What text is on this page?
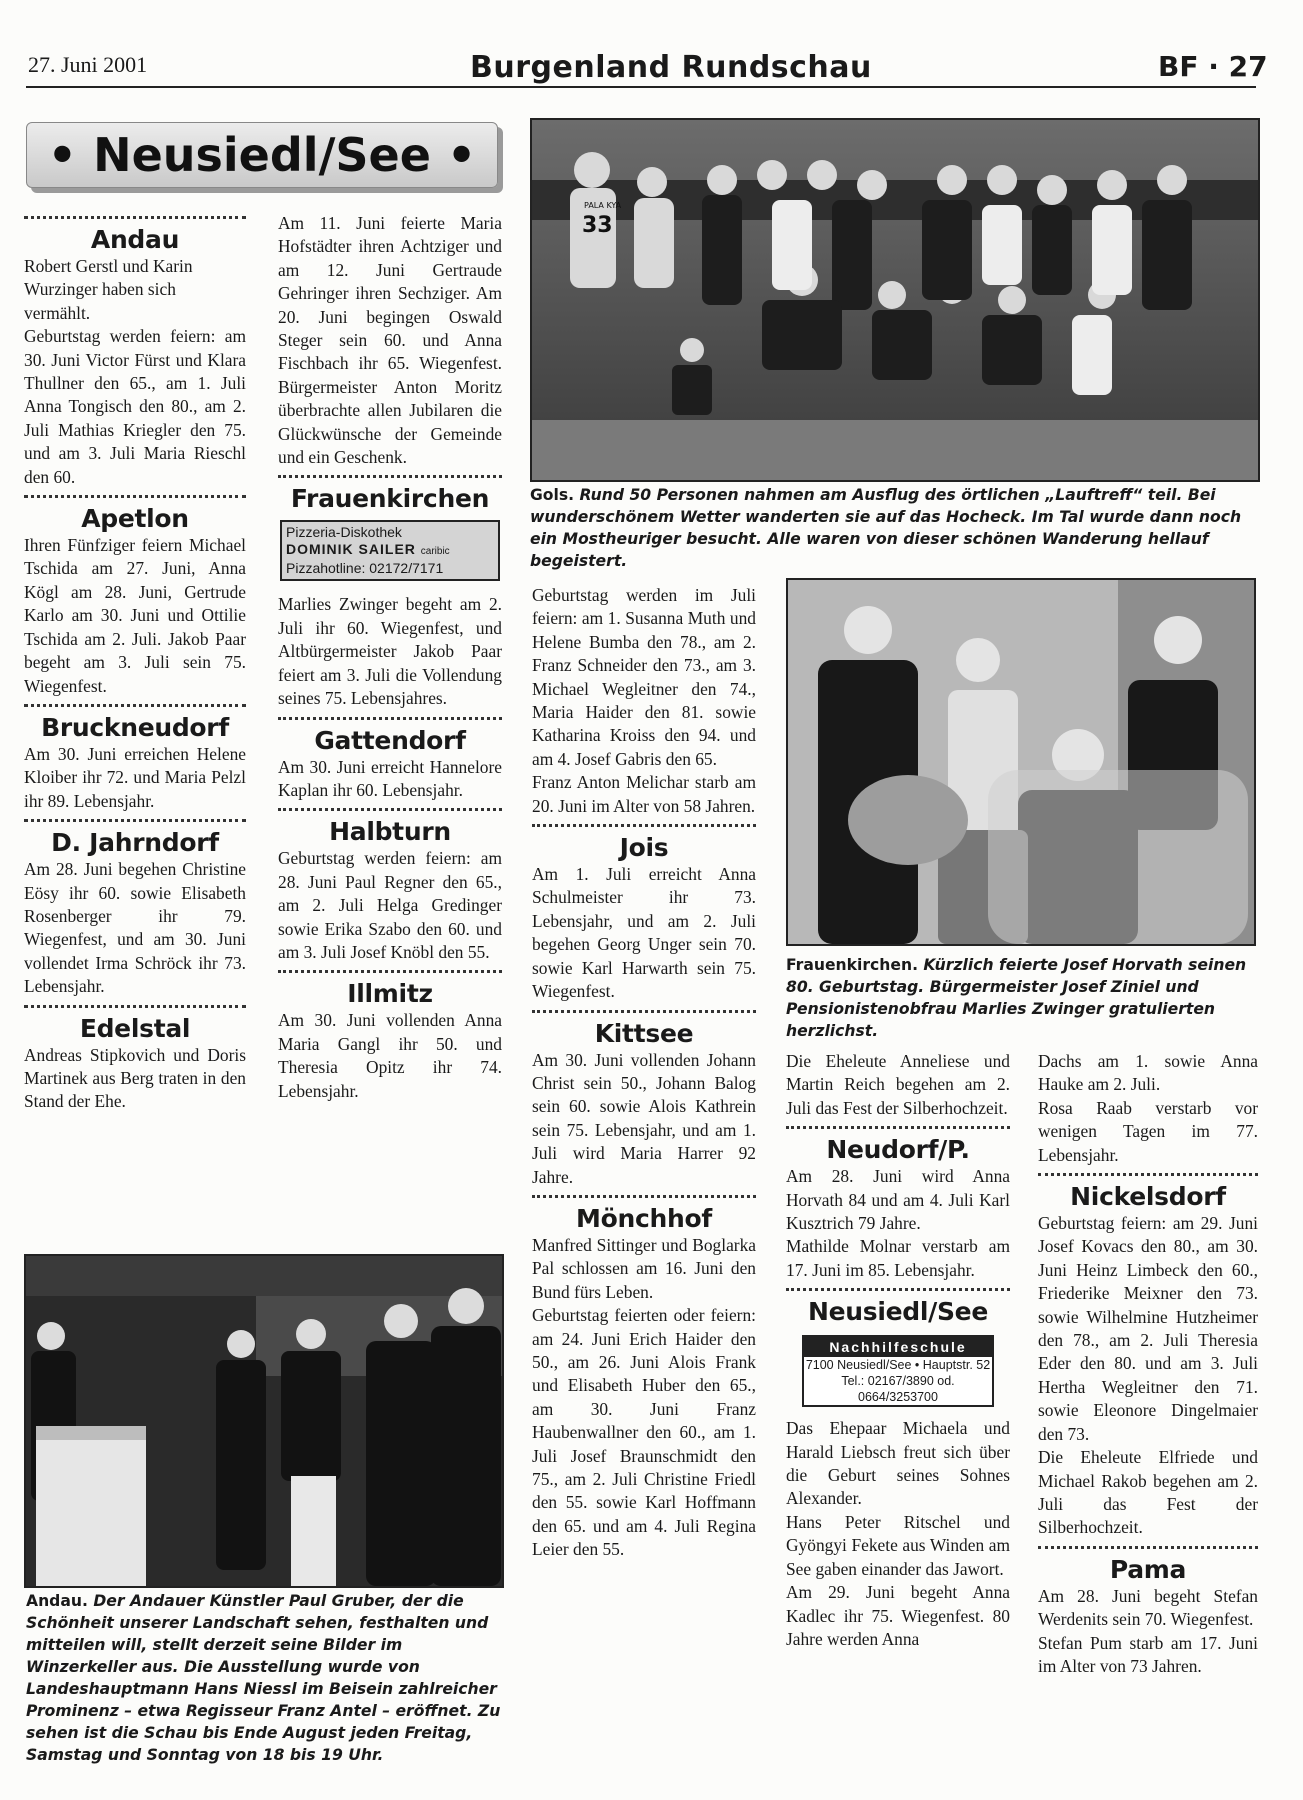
27. Juni 2001	Burgenland Rundschau	BF · 27
• Neusiedl/See •
Andau

Robert Gerstl und Karin Wurzinger haben sich vermählt.

Geburtstag werden feiern: am 30. Juni Victor Fürst und Klara Thullner den 65., am 1. Juli Anna Tongisch den 80., am 2. Juli Mathias Kriegler den 75. und am 3. Juli Maria Rieschl den 60.

Apetlon

Ihren Fünfziger feiern Michael Tschida am 27. Juni, Anna Kögl am 28. Juni, Gertrude Karlo am 30. Juni und Ottilie Tschida am 2. Juli. Jakob Paar begeht am 3. Juli sein 75. Wiegenfest.

Bruckneudorf

Am 30. Juni erreichen Helene Kloiber ihr 72. und Maria Pelzl ihr 89. Lebensjahr.

D. Jahrndorf

Am 28. Juni begehen Christine Eösy ihr 60. sowie Elisabeth Rosenberger ihr 79. Wiegenfest, und am 30. Juni vollendet Irma Schröck ihr 73. Lebensjahr.

Edelstal

Andreas Stipkovich und Doris Martinek aus Berg traten in den Stand der Ehe.

Am 11. Juni feierte Maria Hofstädter ihren Achtziger und am 12. Juni Gertraude Gehringer ihren Sechziger. Am 20. Juni begingen Oswald Steger sein 60. und Anna Fischbach ihr 65. Wiegenfest. Bürgermeister Anton Moritz überbrachte allen Jubilaren die Glückwünsche der Gemeinde und ein Geschenk.

Frauenkirchen
Pizzeria-Diskothek
DOMINIK SAILER caribic
Pizzahotline: 02172/7171

Marlies Zwinger begeht am 2. Juli ihr 60. Wiegenfest, und Altbürgermeister Jakob Paar feiert am 3. Juli die Vollendung seines 75. Lebensjahres.

Gattendorf

Am 30. Juni erreicht Hannelore Kaplan ihr 60. Lebensjahr.

Halbturn

Geburtstag werden feiern: am 28. Juni Paul Regner den 65., am 2. Juli Helga Gredinger sowie Erika Szabo den 60. und am 3. Juli Josef Knöbl den 55.

Illmitz

Am 30. Juni vollenden Anna Maria Gangl ihr 50. und Theresia Opitz ihr 74. Lebensjahr.

33
PALA KYA
Gols. Rund 50 Personen nahmen am Ausflug des örtlichen „Lauftreff“ teil. Bei wunderschönem Wetter wanderten sie auf das Hocheck. Im Tal wurde dann noch ein Mostheuriger besucht. Alle waren von dieser schönen Wanderung hellauf begeistert.

Geburtstag werden im Juli feiern: am 1. Susanna Muth und Helene Bumba den 78., am 2. Franz Schneider den 73., am 3. Michael Wegleitner den 74., Maria Haider den 81. sowie Katharina Kroiss den 94. und am 4. Josef Gabris den 65.

Franz Anton Melichar starb am 20. Juni im Alter von 58 Jahren.

Jois

Am 1. Juli erreicht Anna Schulmeister ihr 73. Lebensjahr, und am 2. Juli begehen Georg Unger sein 70. sowie Karl Harwarth sein 75. Wiegenfest.

Kittsee

Am 30. Juni vollenden Johann Christ sein 50., Johann Balog sein 60. sowie Alois Kathrein sein 75. Lebensjahr, und am 1. Juli wird Maria Harrer 92 Jahre.

Mönchhof

Manfred Sittinger und Boglarka Pal schlossen am 16. Juni den Bund fürs Leben.

Geburtstag feierten oder feiern: am 24. Juni Erich Haider den 50., am 26. Juni Alois Frank und Elisabeth Huber den 65., am 30. Juni Franz Haubenwallner den 60., am 1. Juli Josef Braunschmidt den 75., am 2. Juli Christine Friedl den 55. sowie Karl Hoffmann den 65. und am 4. Juli Regina Leier den 55.

Frauenkirchen. Kürzlich feierte Josef Horvath seinen 80. Geburtstag. Bürgermeister Josef Ziniel und Pensionistenobfrau Marlies Zwinger gratulierten herzlichst.

Die Eheleute Anneliese und Martin Reich begehen am 2. Juli das Fest der Silberhochzeit.

Neudorf/P.

Am 28. Juni wird Anna Horvath 84 und am 4. Juli Karl Kusztrich 79 Jahre.

Mathilde Molnar verstarb am 17. Juni im 85. Lebensjahr.

Neusiedl/See
Nachhilfeschule
7100 Neusiedl/See • Hauptstr. 52
Tel.: 02167/3890 od. 0664/3253700

Das Ehepaar Michaela und Harald Liebsch freut sich über die Geburt seines Sohnes Alexander.

Hans Peter Ritschel und Gyöngyi Fekete aus Winden am See gaben einander das Jawort.

Am 29. Juni begeht Anna Kadlec ihr 75. Wiegenfest. 80 Jahre werden Anna

Dachs am 1. sowie Anna Hauke am 2. Juli.

Rosa Raab verstarb vor wenigen Tagen im 77. Lebensjahr.

Nickelsdorf

Geburtstag feiern: am 29. Juni Josef Kovacs den 80., am 30. Juni Heinz Limbeck den 60., Friederike Meixner den 73. sowie Wilhelmine Hutzheimer den 78., am 2. Juli Theresia Eder den 80. und am 3. Juli Hertha Wegleitner den 71. sowie Eleonore Dingelmaier den 73.

Die Eheleute Elfriede und Michael Rakob begehen am 2. Juli das Fest der Silberhochzeit.

Pama

Am 28. Juni begeht Stefan Werdenits sein 70. Wiegenfest.

Stefan Pum starb am 17. Juni im Alter von 73 Jahren.

Andau. Der Andauer Künstler Paul Gruber, der die Schönheit unserer Landschaft sehen, festhalten und mitteilen will, stellt derzeit seine Bilder im Winzerkeller aus. Die Ausstellung wurde von Landeshauptmann Hans Niessl im Beisein zahlreicher Prominenz – etwa Regisseur Franz Antel – eröffnet. Zu sehen ist die Schau bis Ende August jeden Freitag, Samstag und Sonntag von 18 bis 19 Uhr.
